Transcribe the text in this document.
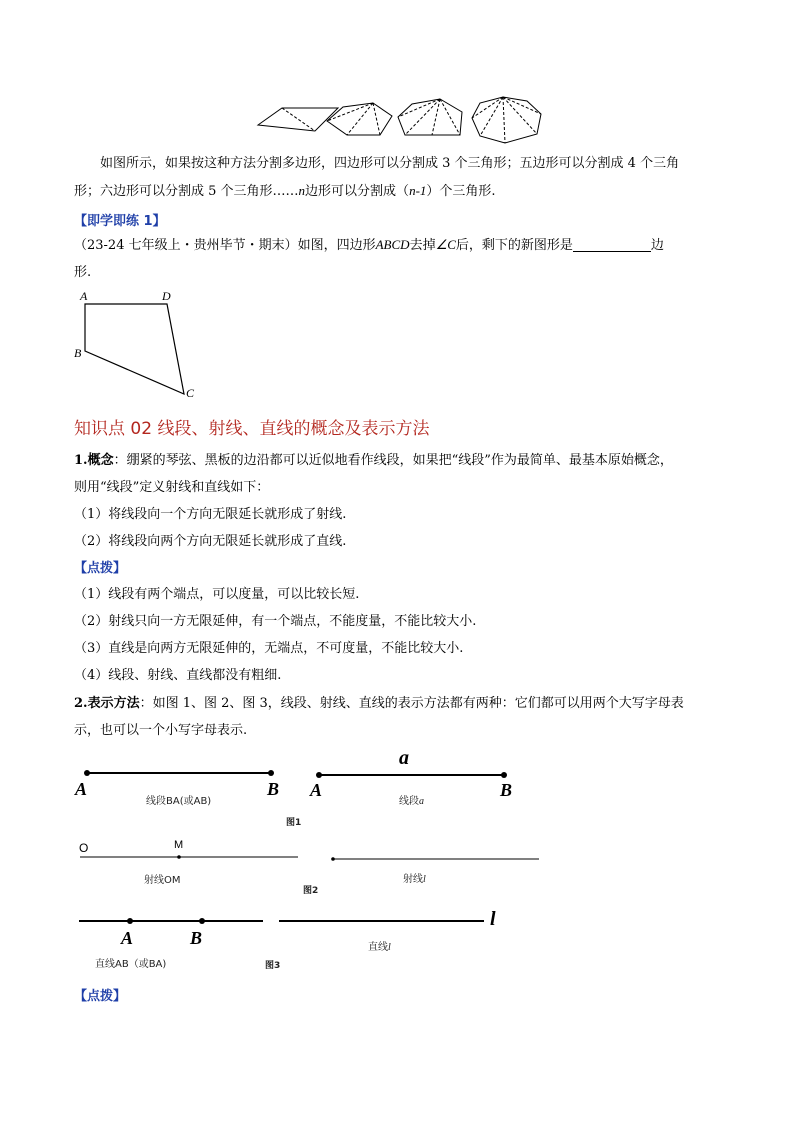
如图所示，如果按这种方法分割多边形，四边形可以分割成 3 个三角形；五边形可以分割成 4 个三角
形；六边形可以分割成 5 个三角形……n边形可以分割成（n-1）个三角形.
【即学即练 1】
（23-24 七年级上・贵州毕节・期末）如图，四边形ABCD去掉∠C后，剩下的新图形是	边
形.
A	D
B
C
知识点 02 线段、射线、直线的概念及表示方法
1.概念：绷紧的琴弦、黑板的边沿都可以近似地看作线段，如果把“线段”作为最简单、最基本原始概念，
则用“线段”定义射线和直线如下：
（1）将线段向一个方向无限延长就形成了射线.
（2）将线段向两个方向无限延长就形成了直线.
【点拨】
（1）线段有两个端点，可以度量，可以比较长短.
（2）射线只向一方无限延伸，有一个端点，不能度量，不能比较大小.
（3）直线是向两方无限延伸的，无端点，不可度量，不能比较大小.
（4）线段、射线、直线都没有粗细.
2.表示方法：如图 1、图 2、图 3，线段、射线、直线的表示方法都有两种：它们都可以用两个大写字母表
示，也可以一个小写字母表示.
A	B
线段BA(或AB)
a
A	B
线段a
图1
O	M
射线OM	射线l
图2
A	B
直线AB（或BA)
l
直线l
图3
【点拨】
